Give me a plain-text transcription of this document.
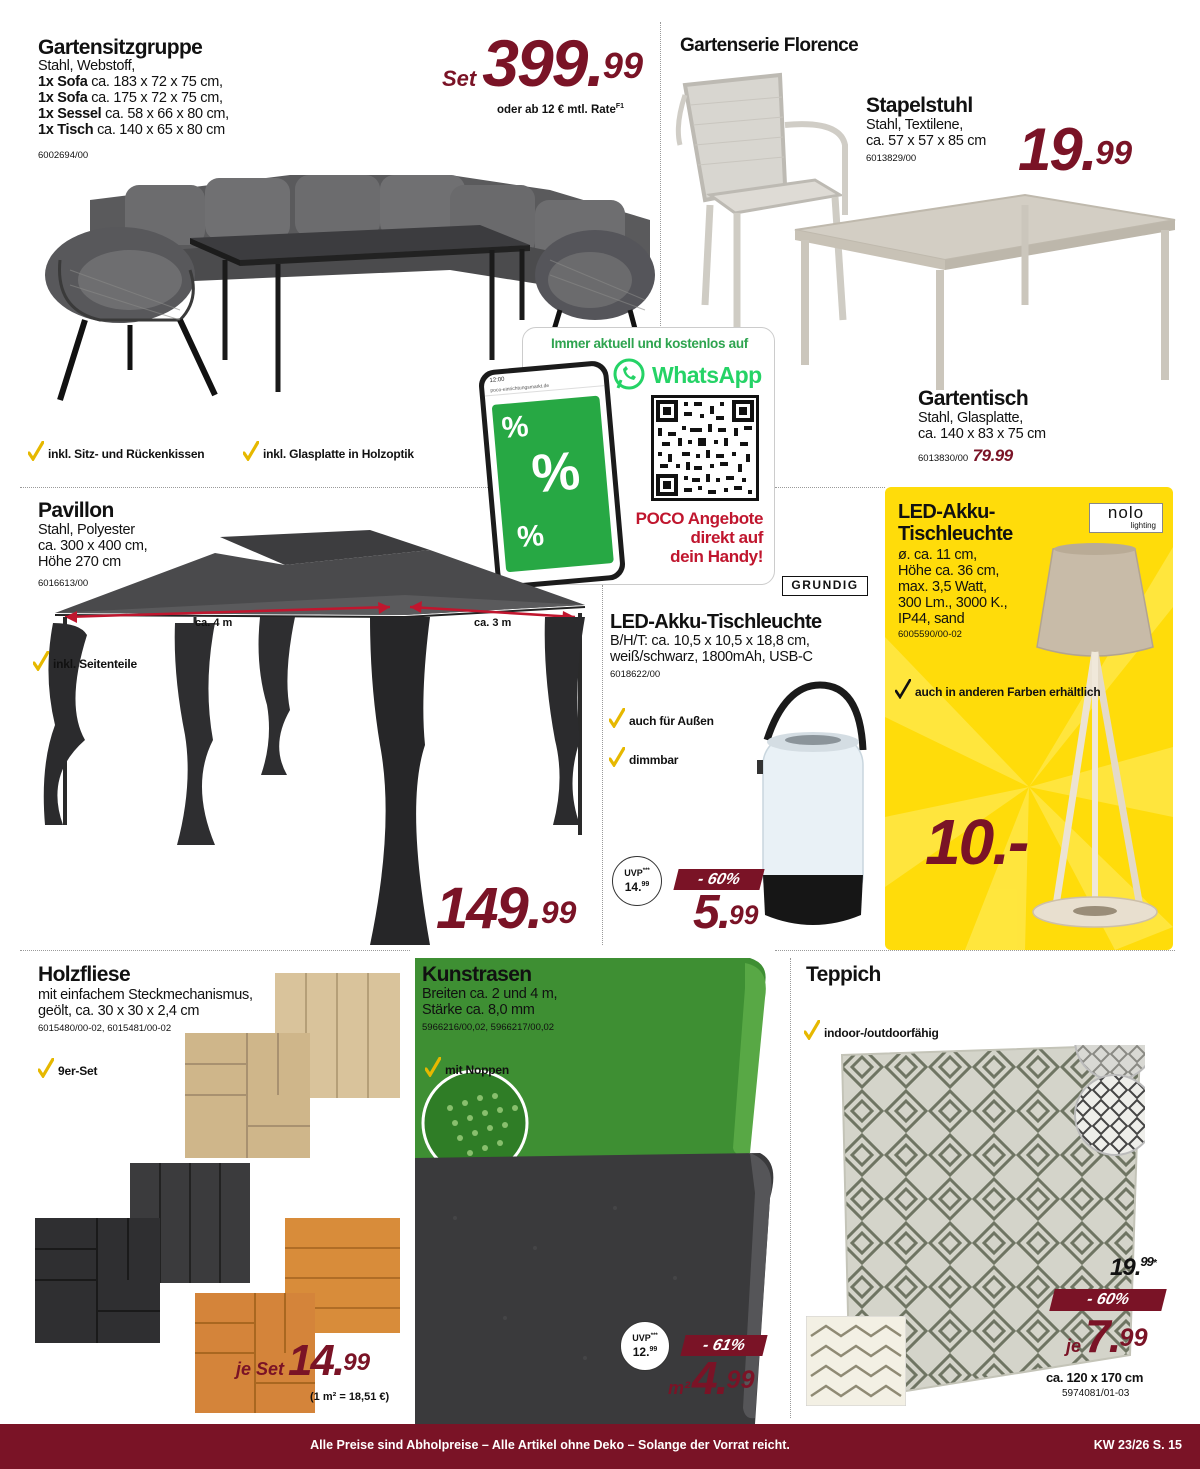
Gartensitzgruppe
Stahl, Webstoff,
1x Sofa ca. 183 x 72 x 75 cm,
1x Sofa ca. 175 x 72 x 75 cm,
1x Sessel ca. 58 x 66 x 80 cm,
1x Tisch ca. 140 x 65 x 80 cm
6002694/00
Set399.99
oder ab 12 € mtl. Rate$^{F1}$
inkl. Sitz- und Rückenkissen	inkl. Glasplatte in Holzoptik
Gartenserie Florence
Stapelstuhl
Stahl, Textilene,
ca. 57 x 57 x 85 cm
6013829/00 19.99
Gartentisch
Stahl, Glasplatte,
ca. 140 x 83 x 75 cm
6013830/00 79.99
Immer aktuell und kostenlos auf
WhatsApp
POCO Angebote
direkt auf
dein Handy!
12:00
poco-einrichtungsmarkt.de
%
%
%
Pavillon
Stahl, Polyester
ca. 300 x 400 cm,
Höhe 270 cm
6016613/00
ca. 4 m	ca. 3 m
inkl. Seitenteile
149.99
GRUNDIG
LED-Akku-Tischleuchte
B/H/T: ca. 10,5 x 10,5 x 18,8 cm,
weiß/schwarz, 1800mAh, USB-C
6018622/00
auch für Außen
dimmbar
UVP***
14.99	- 60%
5.99
nolo
lighting
LED-Akku-
Tischleuchte
ø. ca. 11 cm,
Höhe ca. 36 cm,
max. 3,5 Watt,
300 Lm., 3000 K.,
IP44, sand
6005590/00-02
auch in anderen Farben erhältlich
10.-
Holzfliese
mit einfachem Steckmechanismus,
geölt, ca. 30 x 30 x 2,4 cm
6015480/00-02, 6015481/00-02
9er-Set
je Set14.99
(1 m² = 18,51 €)
Kunstrasen
Breiten ca. 2 und 4 m,
Stärke ca. 8,0 mm
5966216/00,02, 5966217/00,02
mit Noppen
UVP***
12.99	- 61%
m²4.99
Teppich
indoor-/outdoorfähig
19.$^{99*}$
- 60%
je7.99
ca. 120 x 170 cm
5974081/01-03
Alle Preise sind Abholpreise – Alle Artikel ohne Deko – Solange der Vorrat reicht.	KW 23/26 S. 15
